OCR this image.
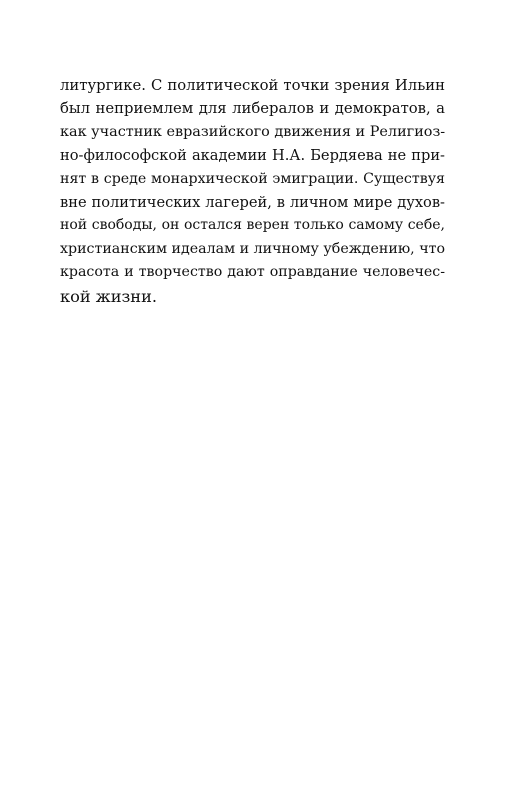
литургике. С политической точки зрения Ильин
был неприемлем для либералов и демократов, а
как участник евразийского движения и Религиоз-
но-философской академии Н.А. Бердяева не при-
нят в среде монархической эмиграции. Существуя
вне политических лагерей, в личном мире духов-
ной свободы, он остался верен только самому себе,
христианским идеалам и личному убеждению, что
красота и творчество дают оправдание человечес-
кой жизни.
